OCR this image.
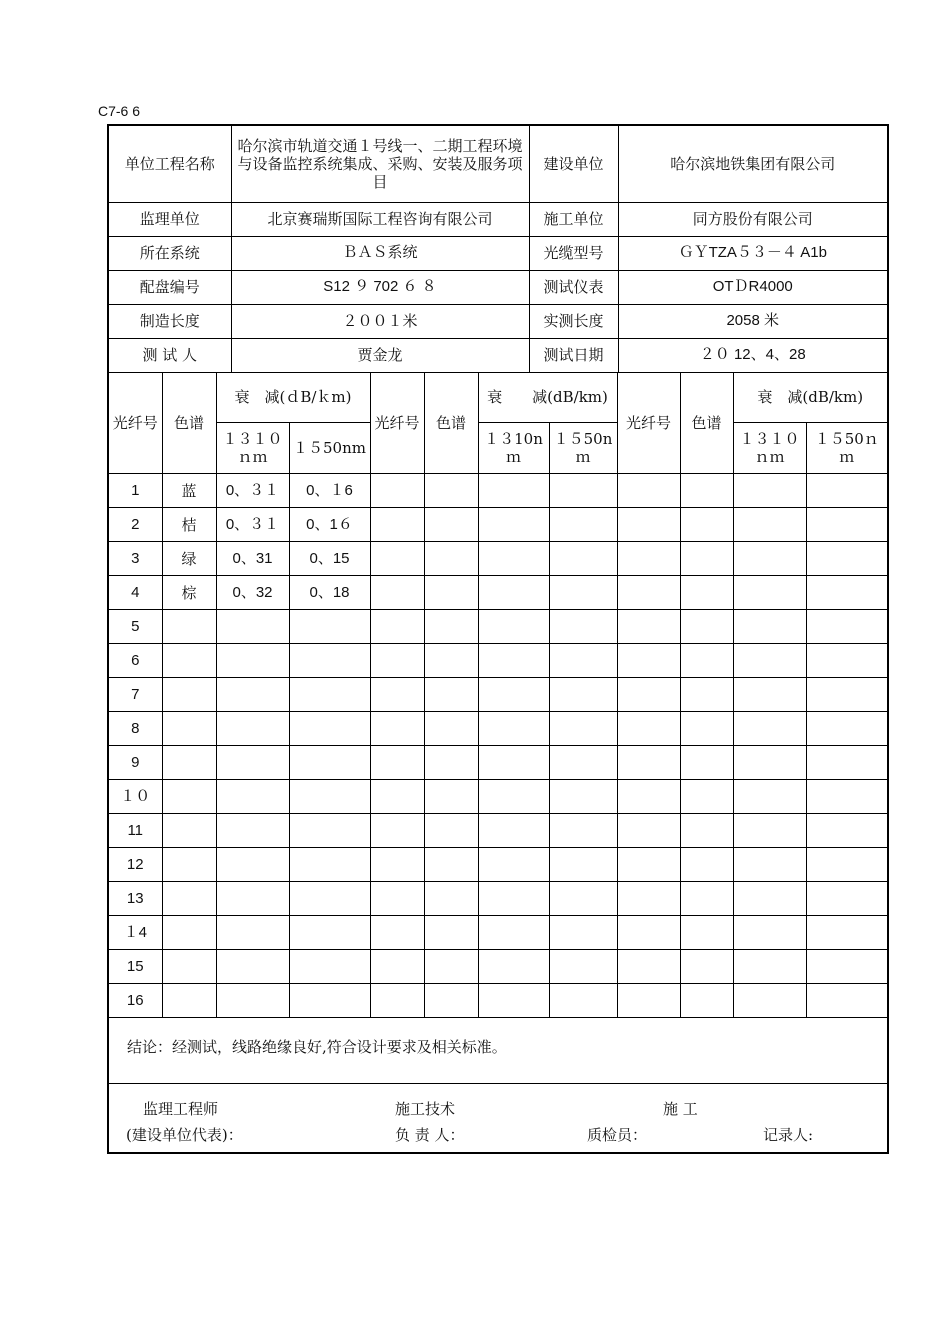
C7-6 6
单位工程名称	哈尔滨市轨道交通１号线一、二期工程环境与设备监控系统集成、采购、安装及服务项目	建设单位	哈尔滨地铁集团有限公司
监理单位	北京赛瑞斯国际工程咨询有限公司	施工单位	同方股份有限公司
所在系统	ＢＡＳ系统	光缆型号	ＧＹTZA５３－４ A1b
配盘编号	S12 ９ 702 ６ ８	测试仪表	OTＤR4000
制造长度	２００１米	实测长度	2058 米
测 试 人	贾金龙	测试日期	２０ 12、4、28
光纤号	色谱	衰　减(ｄB/ｋm)		光纤号	色谱	衰　　减(dB/km)		光纤号	色谱	衰　减(dB/km)	
		１３１０ｎｍ	１５50nm			１３10nｍ	１５50nｍ			１３１０ｎｍ	１５50ｎｍ
1	蓝	0、３１	0、１6								
2	桔	0、３１	0、1６								
3	绿	0、31	0、15								
4	棕	0、32	0、18								
5											
6											
7											
8											
9											
１０											
11											
12											
13											
１4											
15											
16											
结论：经测试，线路绝缘良好,符合设计要求及相关标准。
监理工程师
(建设单位代表)：
施工技术
负 责 人：	质检员：
施 工
记录人:
